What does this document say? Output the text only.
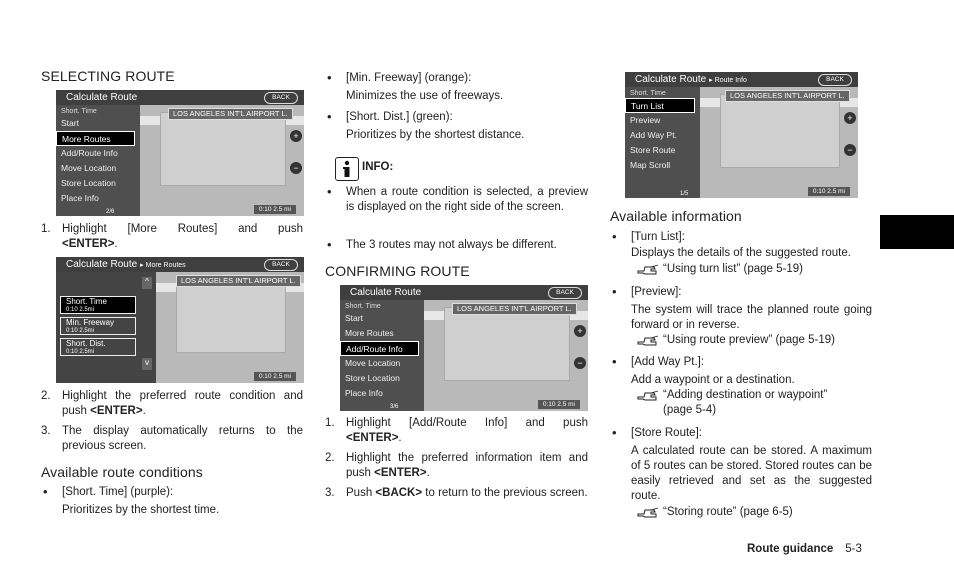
SELECTING ROUTE
Calculate Route	BACK
Short. Time
Start
More Routes
Add/Route Info
Move Location
Store Location
Place Info
LOS ANGELES INT'L AIRPORT L.
+
−
0:10 2.5 mi
2/6
1. Highlight [More Routes] and push
<ENTER>.
Calculate Route ▸ More Routes	BACK
Short. Time
0:10 2.5mi
Min. Freeway
0:10 2.5mi
Short. Dist.
0:10 2.5mi
^
v
LOS ANGELES INT'L AIRPORT L.
0:10 2.5 mi
2. Highlight the preferred route condition and push <ENTER>.
3. The display automatically returns to the previous screen.
Available route conditions
• [Short. Time] (purple):
Prioritizes by the shortest time.
• [Min. Freeway] (orange):
Minimizes the use of freeways.
• [Short. Dist.] (green):
Prioritizes by the shortest distance.
INFO:
• When a route condition is selected, a preview is displayed on the right side of the screen.
• The 3 routes may not always be different.
CONFIRMING ROUTE
Calculate Route	BACK
Short. Time
Start
More Routes
Add/Route Info
Move Location
Store Location
Place Info
LOS ANGELES INT'L AIRPORT L.
+
−
0:10 2.5 mi
3/6
1. Highlight [Add/Route Info] and push
<ENTER>.
2. Highlight the preferred information item and push <ENTER>.
3. Push <BACK> to return to the previous screen.
Calculate Route ▸ Route Info	BACK
Short. Time
Turn List
Preview
Add Way Pt.
Store Route
Map Scroll
LOS ANGELES INT'L AIRPORT L.
+
−
0:10 2.5 mi
1/5
Available information
• [Turn List]:
Displays the details of the suggested route.
“Using turn list” (page 5-19)
• [Preview]:
The system will trace the planned route going forward or in reverse.
“Using route preview” (page 5-19)
• [Add Way Pt.]:
Add a waypoint or a destination.
“Adding destination or waypoint” (page 5-4)
• [Store Route]:
A calculated route can be stored. A maximum of 5 routes can be stored. Stored routes can be easily retrieved and set as the suggested route.
“Storing route” (page 6-5)
Route guidance 5-3
